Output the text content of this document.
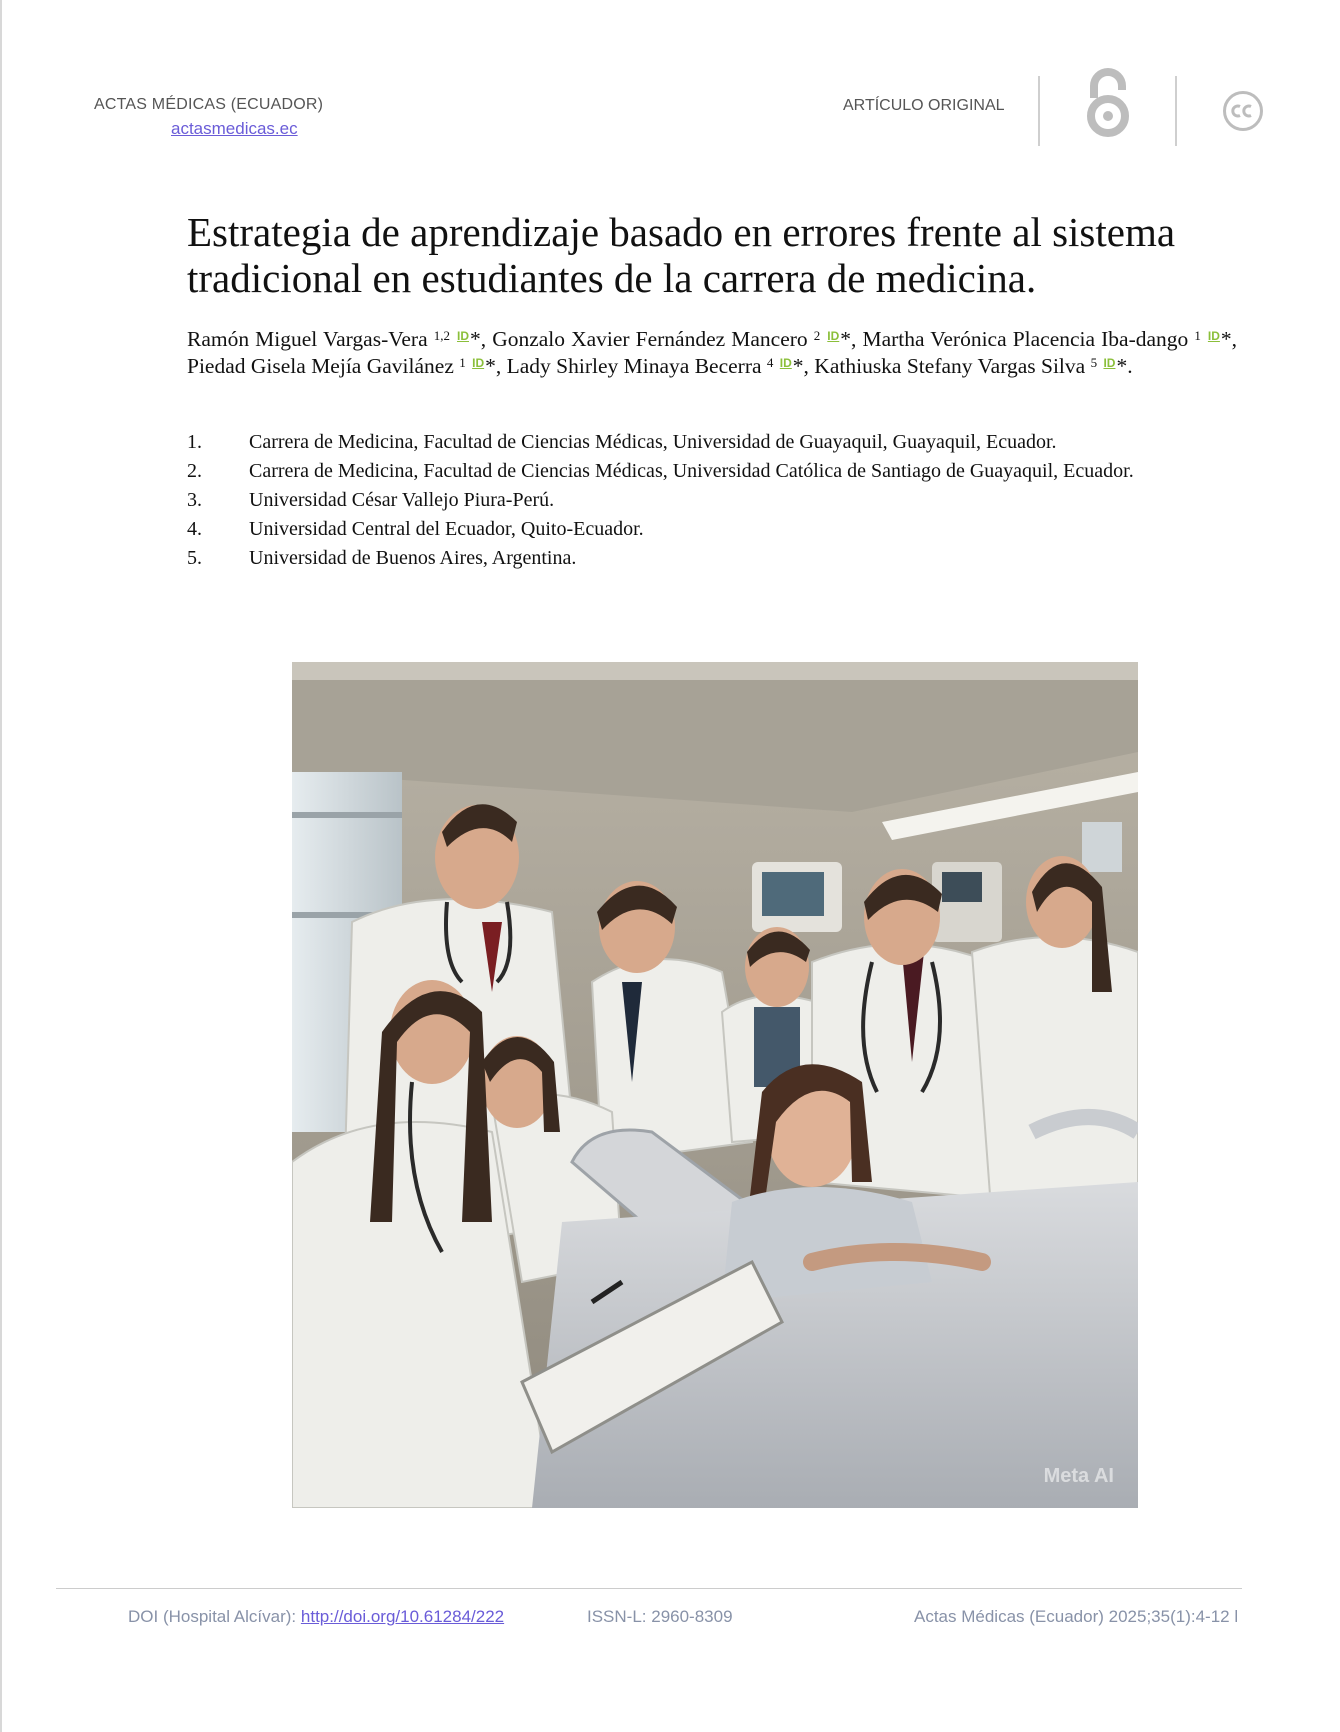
ACTAS MÉDICAS (ECUADOR)
actasmedicas.ec
ARTÍCULO ORIGINAL
Estrategia de aprendizaje basado en errores frente al sistema
tradicional en estudiantes de la carrera de medicina.
Ramón Miguel Vargas-Vera $^{1,2}$ ID*, Gonzalo Xavier Fernández Mancero $^2$ ID*, Martha Verónica Placencia Iba-dango $^1$ ID*, Piedad Gisela Mejía Gavilánez $^1$ ID*, Lady Shirley Minaya Becerra $^4$ ID*, Kathiuska Stefany Vargas Silva $^5$ ID*.
1. Carrera de Medicina, Facultad de Ciencias Médicas, Universidad de Guayaquil, Guayaquil, Ecuador.
2. Carrera de Medicina, Facultad de Ciencias Médicas, Universidad Católica de Santiago de Guayaquil, Ecuador.
3. Universidad César Vallejo Piura-Perú.
4. Universidad Central del Ecuador, Quito-Ecuador.
5. Universidad de Buenos Aires, Argentina.
Meta AI
DOI (Hospital Alcívar): http://doi.org/10.61284/222	ISSN-L: 2960-8309	Actas Médicas (Ecuador) 2025;35(1):4-12 l
